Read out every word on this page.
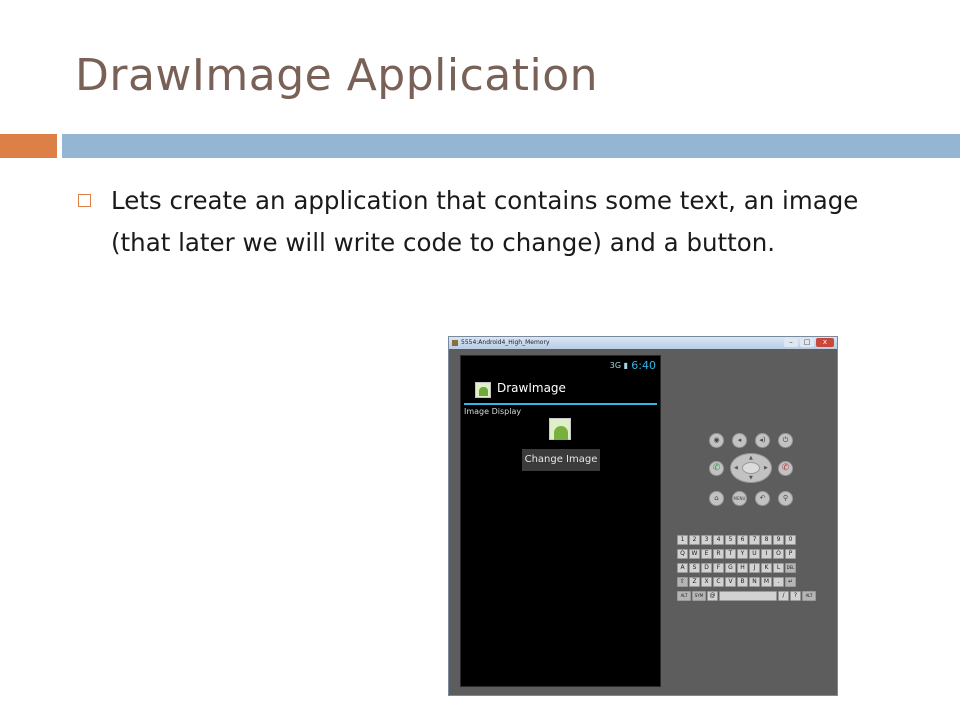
DrawImage Application

Lets create an application that contains some text, an image (that later we will write code to change) and a button.

5554:Android4_High_Memory	–	□	x
3G ▮ 6:40
DrawImage
Image Display
Change Image
◉	◂	◂)	⏻
✆
▲
▼
◀	▶	✆
⌂	MENU	↶	⚲
1	2	3	4	5	6	7	8	9	0
Q	W	E	R	T	Y	U	I	O	P
A	S	D	F	G	H	J	K	L	DEL
⇧	Z	X	C	V	B	N	M	.	↵
ALT	SYM	@	/	?	ALT
